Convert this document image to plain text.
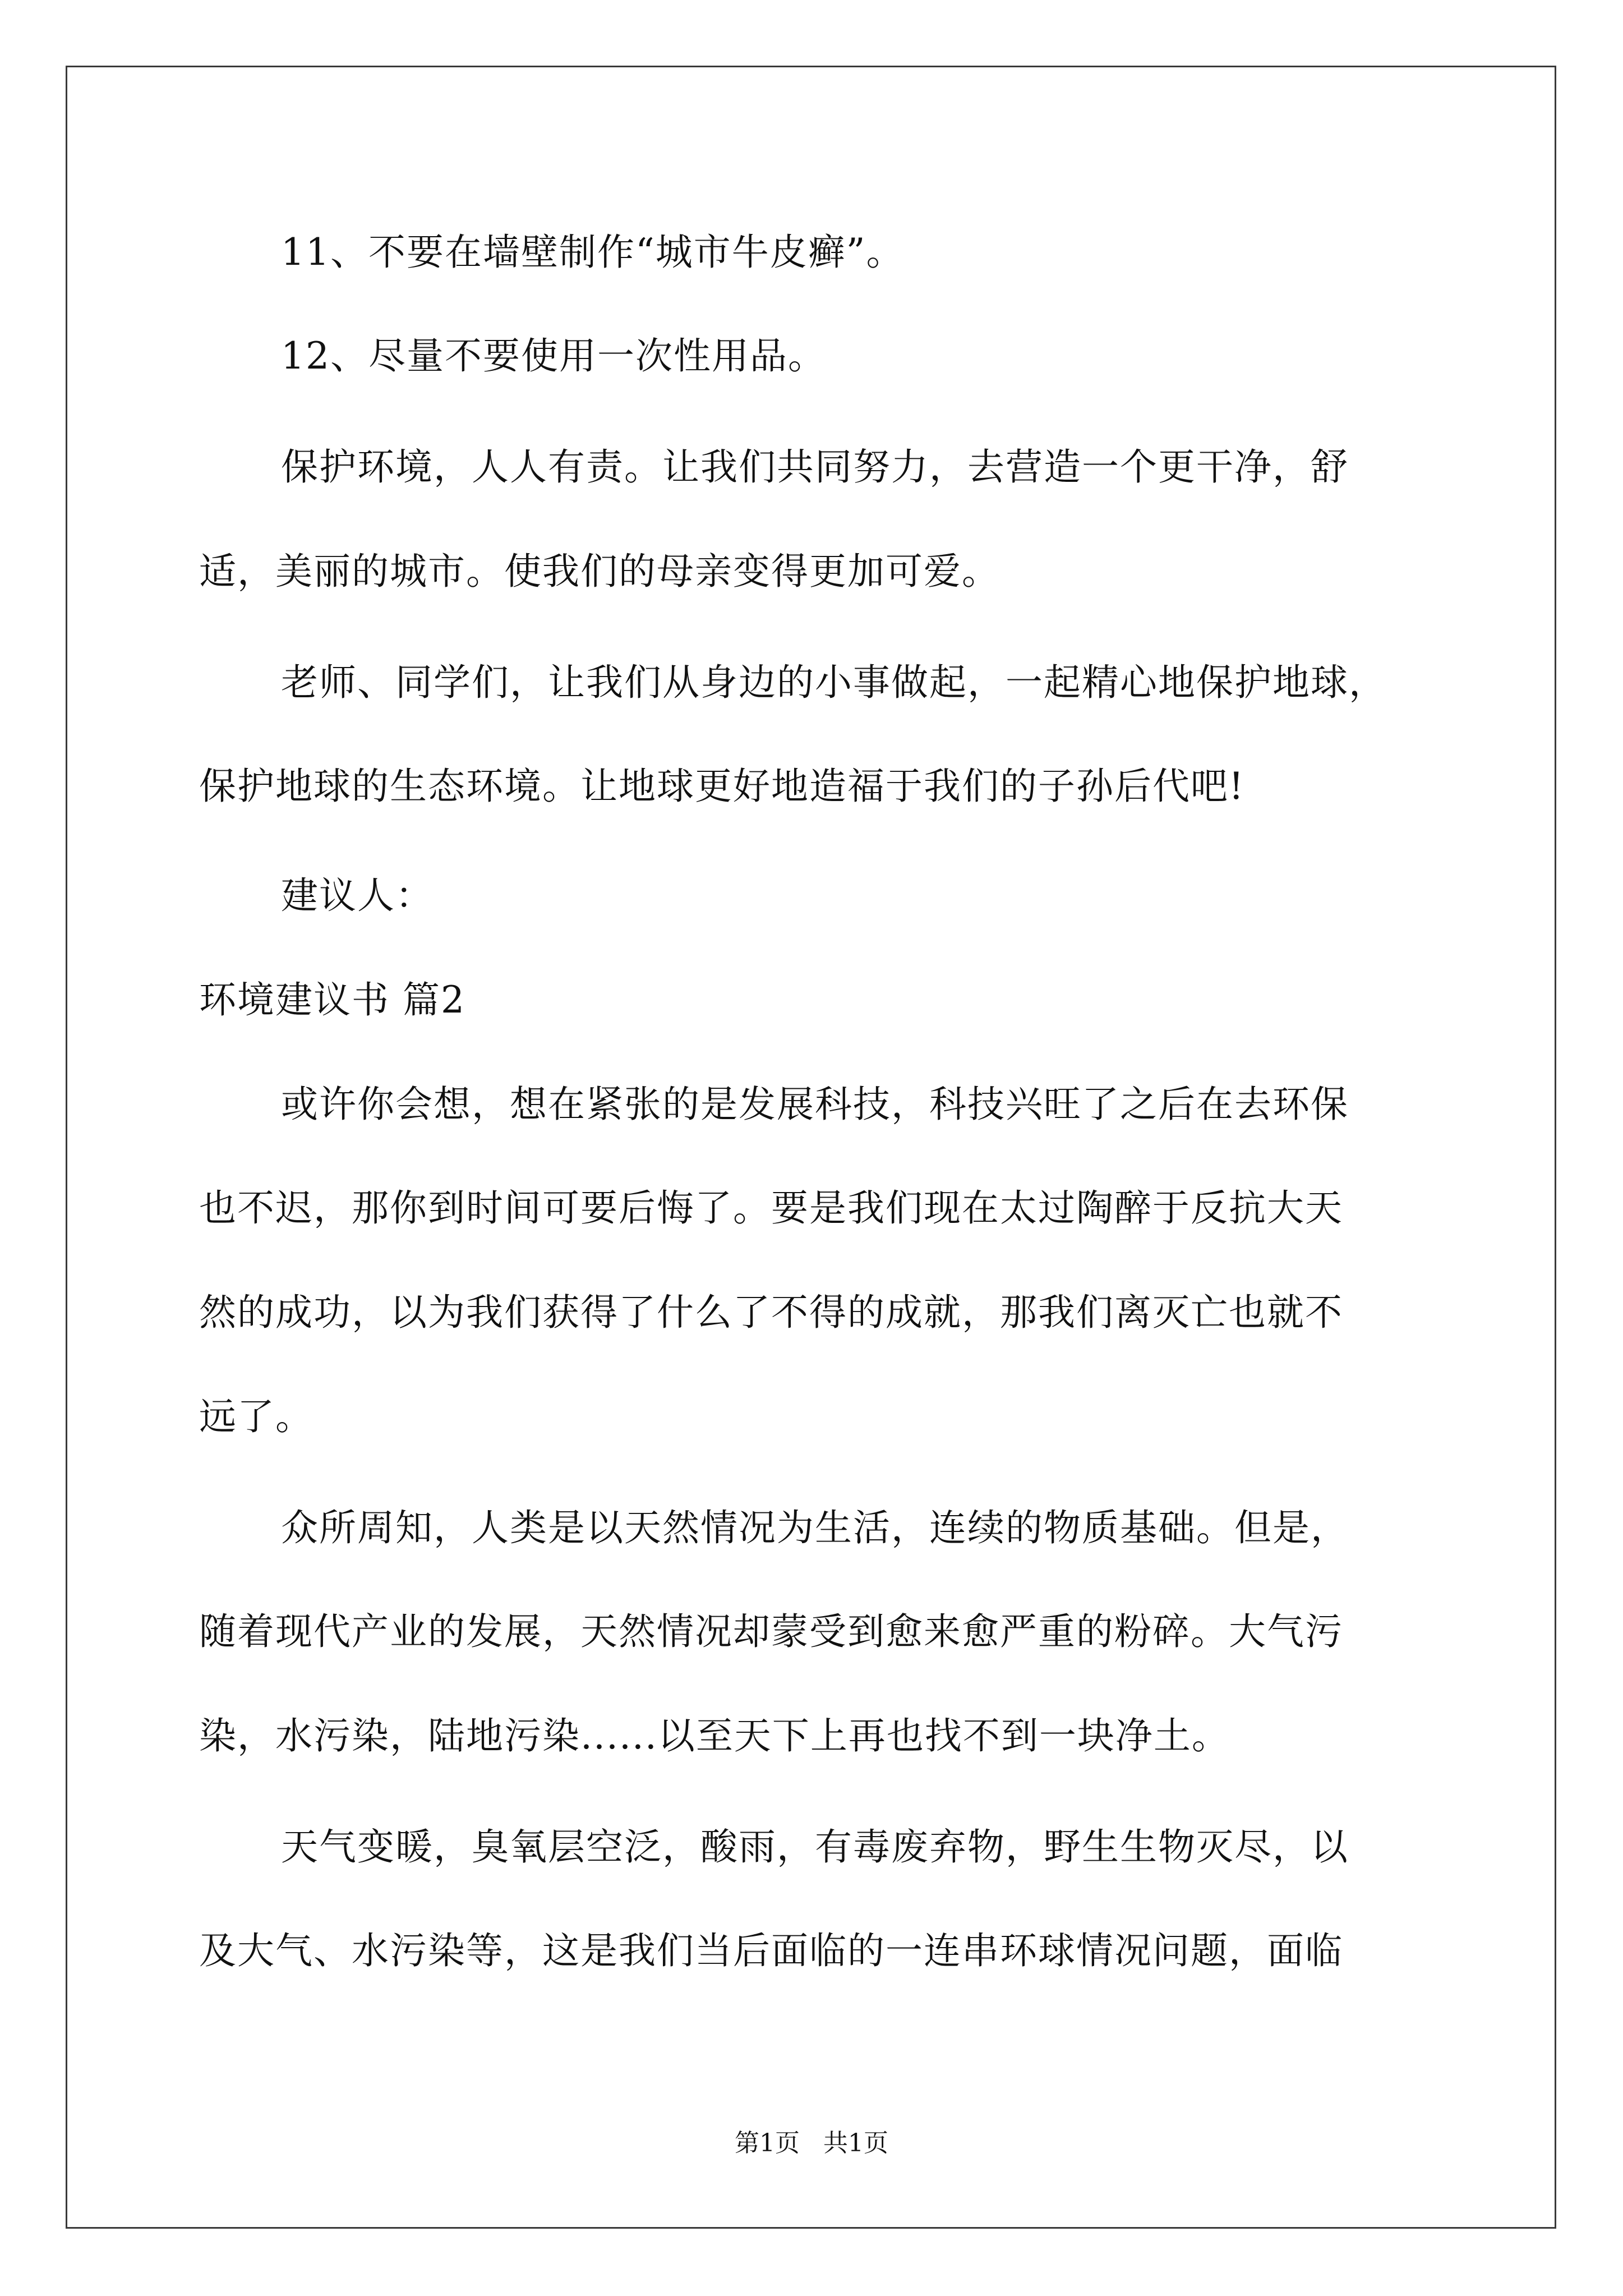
11、不要在墙壁制作“城市牛皮癣”。
12、尽量不要使用一次性用品。
保护环境，人人有责。让我们共同努力，去营造一个更干净，舒
适，美丽的城市。使我们的母亲变得更加可爱。
老师、同学们，让我们从身边的小事做起，一起精心地保护地球，
保护地球的生态环境。让地球更好地造福于我们的子孙后代吧!
建议人：
环境建议书 篇2
或许你会想，想在紧张的是发展科技，科技兴旺了之后在去环保
也不迟，那你到时间可要后悔了。要是我们现在太过陶醉于反抗大天
然的成功，以为我们获得了什么了不得的成就，那我们离灭亡也就不
远了。
众所周知，人类是以天然情况为生活，连续的物质基础。但是，
随着现代产业的发展，天然情况却蒙受到愈来愈严重的粉碎。大气污
染，水污染，陆地污染......以至天下上再也找不到一块净土。
天气变暖，臭氧层空泛，酸雨，有毒废弃物，野生生物灭尽，以
及大气、水污染等，这是我们当后面临的一连串环球情况问题，面临
第1页   共1页
